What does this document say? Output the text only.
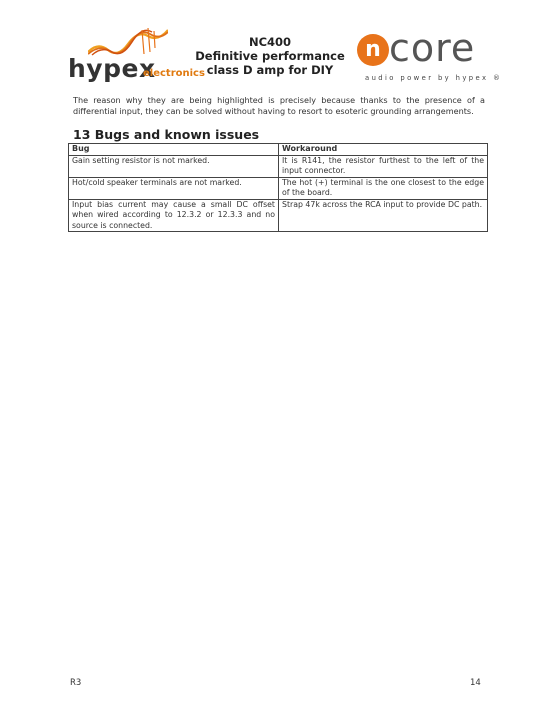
hypex
electronics
NC400
Definitive performance
class D amp for DIY
n core
audio power by hypex ®
The reason why they are being highlighted is precisely because thanks to the presence of a differential input, they can be solved without having to resort to esoteric grounding arrangements.
13 Bugs and known issues
Bug	Workaround
Gain setting resistor is not marked.	It is R141, the resistor furthest to the left of the input connector.
Hot/cold speaker terminals are not marked.	The hot (+) terminal is the one closest to the edge of the board.
Input bias current may cause a small DC offset when wired according to 12.3.2 or 12.3.3 and no source is connected.	Strap 47k across the RCA input to provide DC path.
R3	14
